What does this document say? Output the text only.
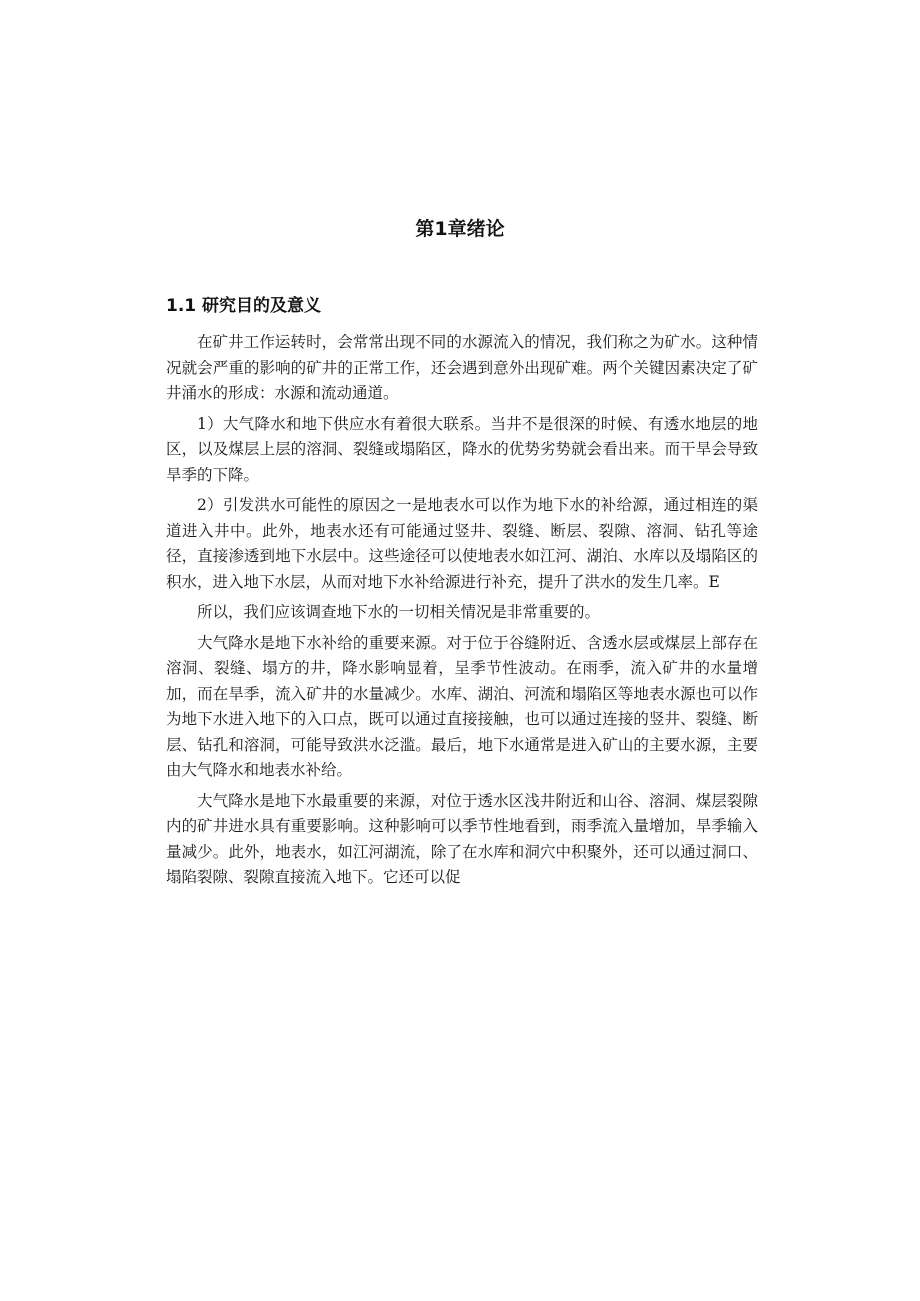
第1章绪论
1.1 研究目的及意义

在矿井工作运转时，会常常出现不同的水源流入的情况，我们称之为矿水。这种情况就会严重的影响的矿井的正常工作，还会遇到意外出现矿难。两个关键因素决定了矿井涌水的形成：水源和流动通道。

1）大气降水和地下供应水有着很大联系。当井不是很深的时候、有透水地层的地区，以及煤层上层的溶洞、裂缝或塌陷区，降水的优势劣势就会看出来。而干旱会导致旱季的下降。

2）引发洪水可能性的原因之一是地表水可以作为地下水的补给源，通过相连的渠道进入井中。此外，地表水还有可能通过竖井、裂缝、断层、裂隙、溶洞、钻孔等途径，直接渗透到地下水层中。这些途径可以使地表水如江河、湖泊、水库以及塌陷区的积水，进入地下水层，从而对地下水补给源进行补充，提升了洪水的发生几率。E

所以，我们应该调查地下水的一切相关情况是非常重要的。

大气降水是地下水补给的重要来源。对于位于谷缝附近、含透水层或煤层上部存在溶洞、裂缝、塌方的井，降水影响显着，呈季节性波动。在雨季，流入矿井的水量增加，而在旱季，流入矿井的水量减少。水库、湖泊、河流和塌陷区等地表水源也可以作为地下水进入地下的入口点，既可以通过直接接触，也可以通过连接的竖井、裂缝、断层、钻孔和溶洞，可能导致洪水泛滥。最后，地下水通常是进入矿山的主要水源，主要由大气降水和地表水补给。

大气降水是地下水最重要的来源，对位于透水区浅井附近和山谷、溶洞、煤层裂隙内的矿井进水具有重要影响。这种影响可以季节性地看到，雨季流入量增加，旱季输入量减少。此外，地表水，如江河湖流，除了在水库和洞穴中积聚外，还可以通过洞口、塌陷裂隙、裂隙直接流入地下。它还可以促
